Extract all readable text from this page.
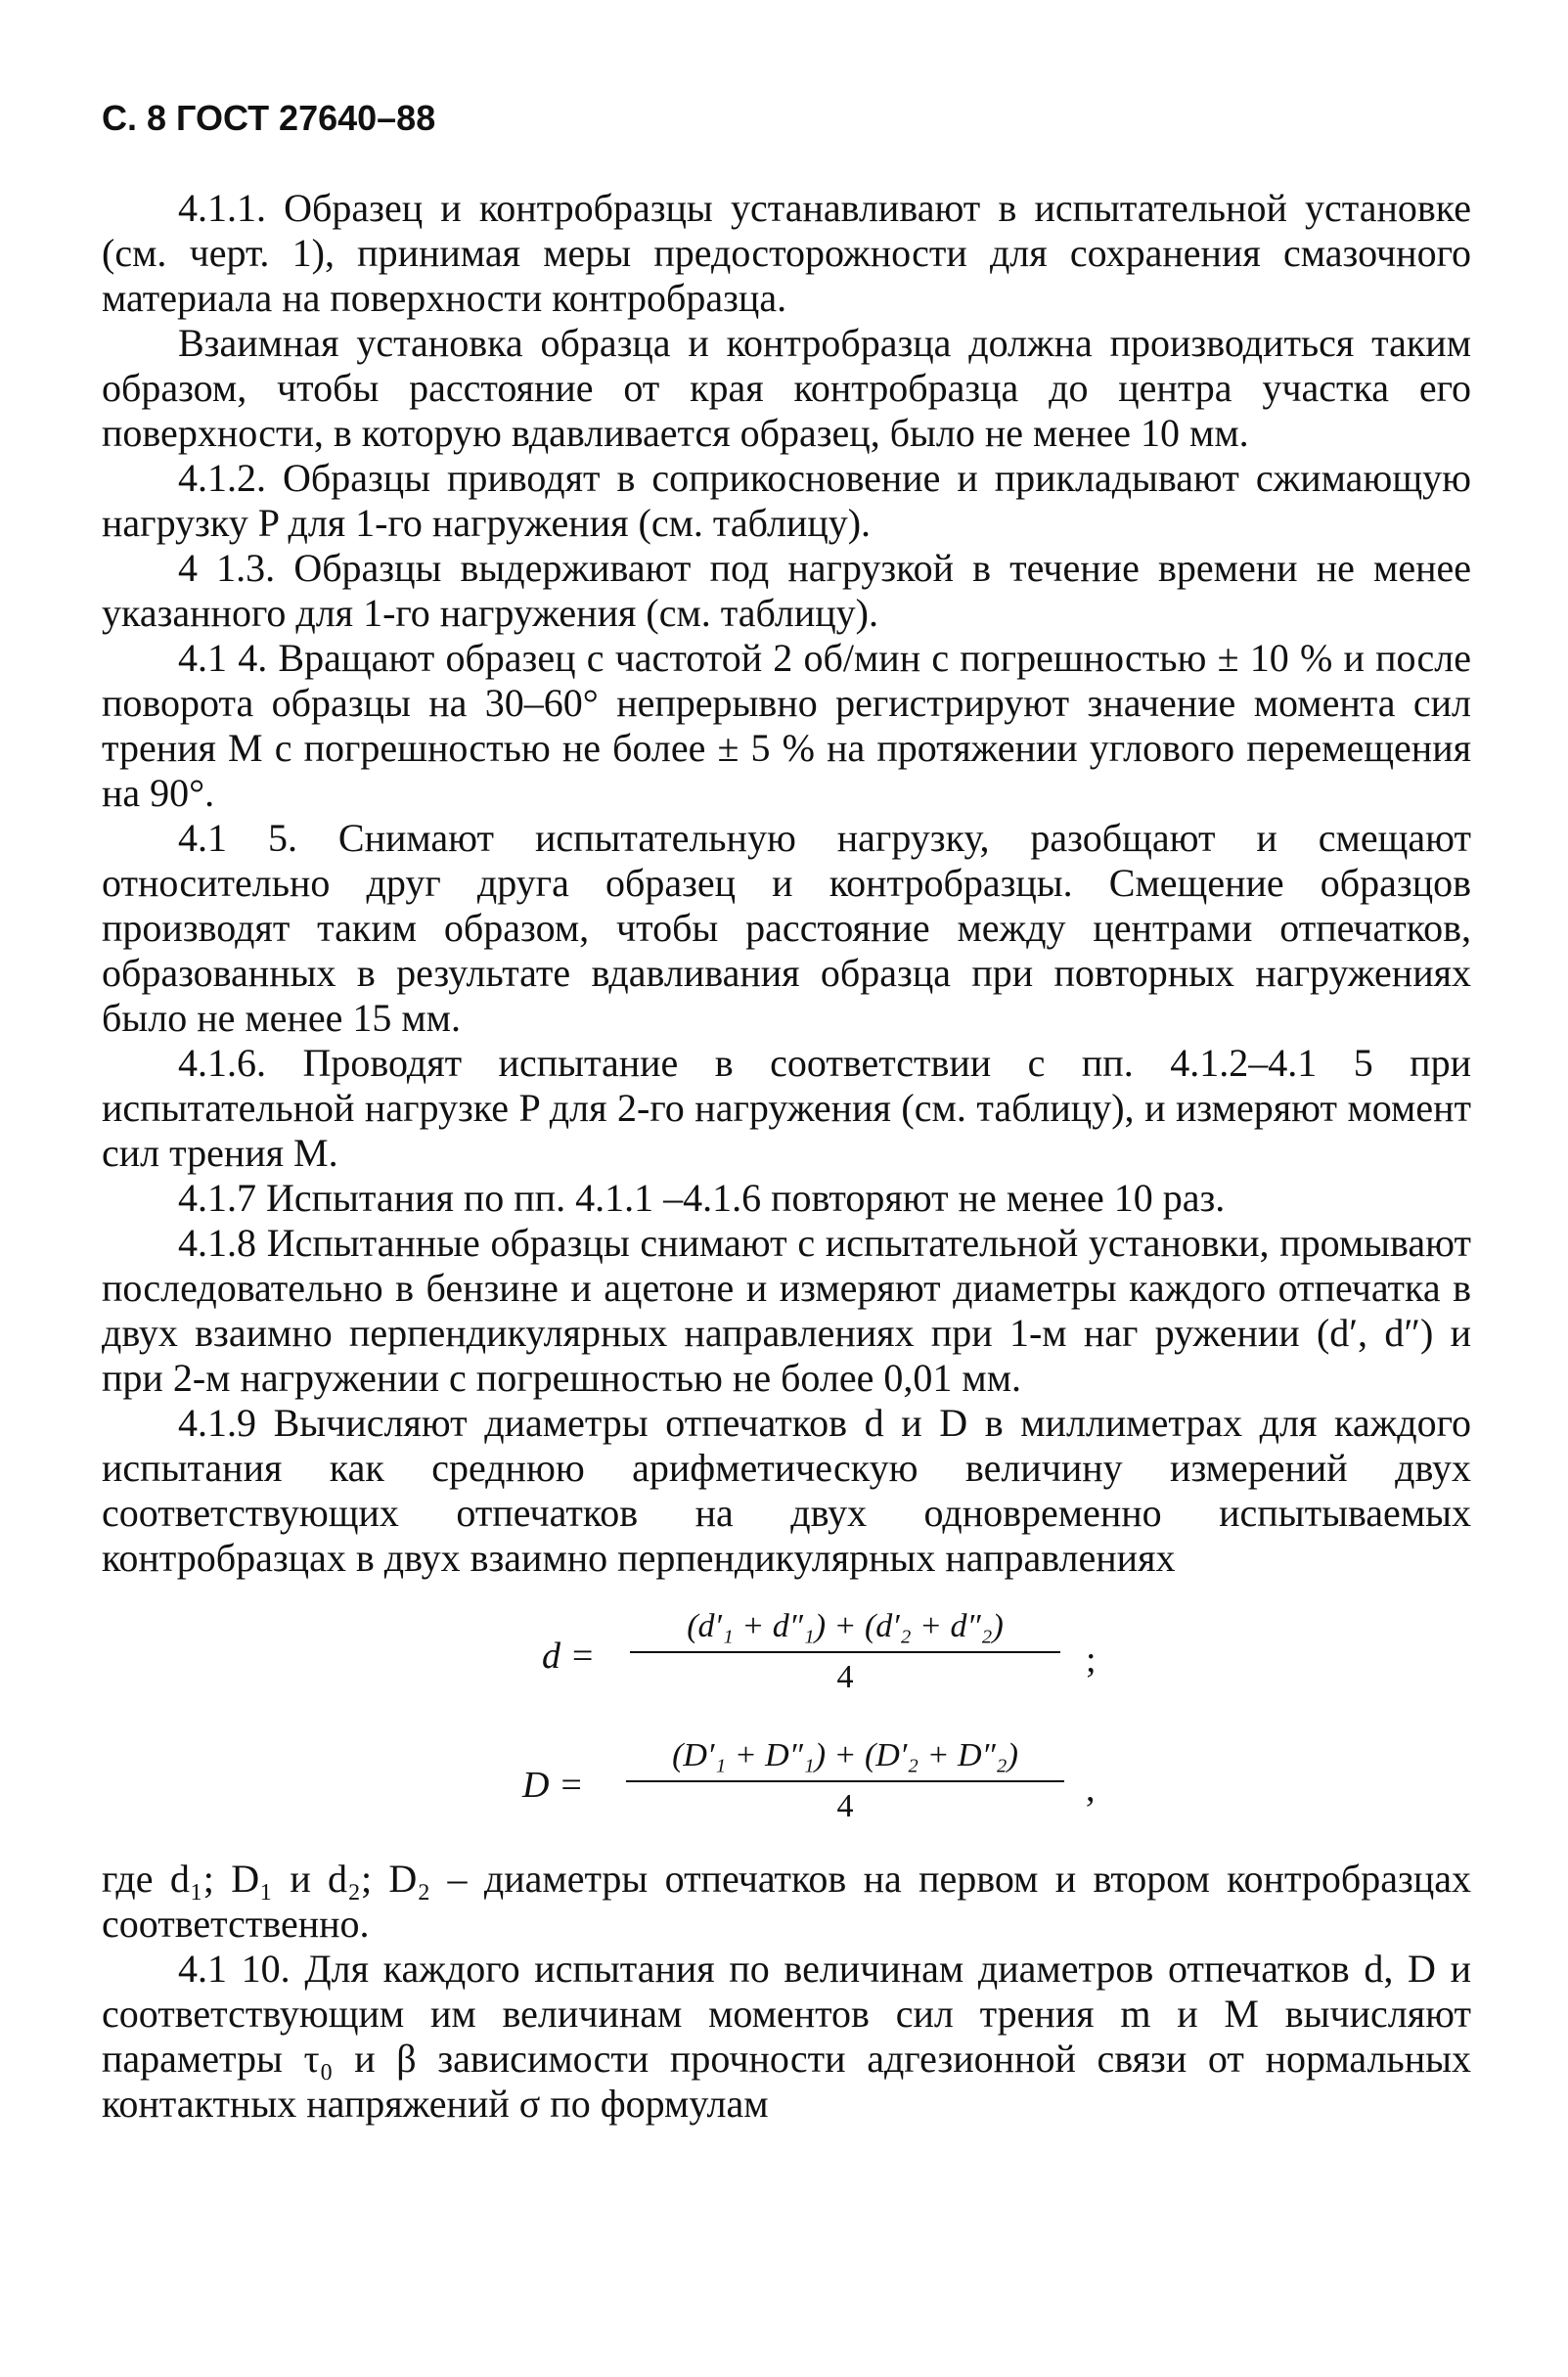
С. 8 ГОСТ 27640–88

4.1.1. Образец и контробразцы устанавливают в испытательной установке (см. черт. 1), принимая меры предосторожности для сохранения смазочного материала на поверхности контробразца.

Взаимная установка образца и контробразца должна производиться таким образом, чтобы расстояние от края контробразца до центра участка его поверхности, в которую вдавливается образец, было не менее 10 мм.

4.1.2. Образцы приводят в соприкосновение и прикладывают сжимающую нагрузку P для 1-го нагружения (см. таблицу).

4 1.3. Образцы выдерживают под нагрузкой в течение времени не менее указанного для 1-го нагружения (см. таблицу).

4.1 4. Вращают образец с частотой 2 об/мин с погрешностью ± 10 % и после поворота образцы на 30–60° непрерывно регистрируют значение момента сил трения M с погрешностью не более ± 5 % на протяжении углового перемещения на 90°.

4.1 5. Снимают испытательную нагрузку, разобщают и смещают относительно друг друга образец и контробразцы. Смещение образцов производят таким образом, чтобы расстояние между центрами отпечатков, образованных в результате вдавливания образца при повторных нагружениях было не менее 15 мм.

4.1.6. Проводят испытание в соответствии с пп. 4.1.2–4.1 5 при испытательной нагрузке P для 2-го нагружения (см. таблицу), и измеряют момент сил трения M.

4.1.7 Испытания по пп. 4.1.1 –4.1.6 повторяют не менее 10 раз.

4.1.8 Испытанные образцы снимают с испытательной установки, промывают последовательно в бензине и ацетоне и измеряют диаметры каждого отпечатка в двух взаимно перпендикулярных направлениях при 1-м наг ружении (d′, d″) и при 2-м нагружении с погрешностью не более 0,01 мм.

4.1.9 Вычисляют диаметры отпечатков d и D в миллиметрах для каждого испытания как среднюю арифметическую величину измерений двух соответствующих отпечатков на двух одновременно испытываемых контробразцах в двух взаимно перпендикулярных направлениях

d =
(d′₁ + d″₁) + (d′₂ + d″₂)
4	;
D =
(D′₁ + D″₁) + (D′₂ + D″₂)
4	,

где d₁; D₁ и d₂; D₂ – диаметры отпечатков на первом и втором контробразцах соответственно.

4.1 10. Для каждого испытания по величинам диаметров отпечатков d, D и соответствующим им величинам моментов сил трения m и M вычисляют параметры τ₀ и β зависимости прочности адгезионной связи от нормальных контактных напряжений σ по формулам
